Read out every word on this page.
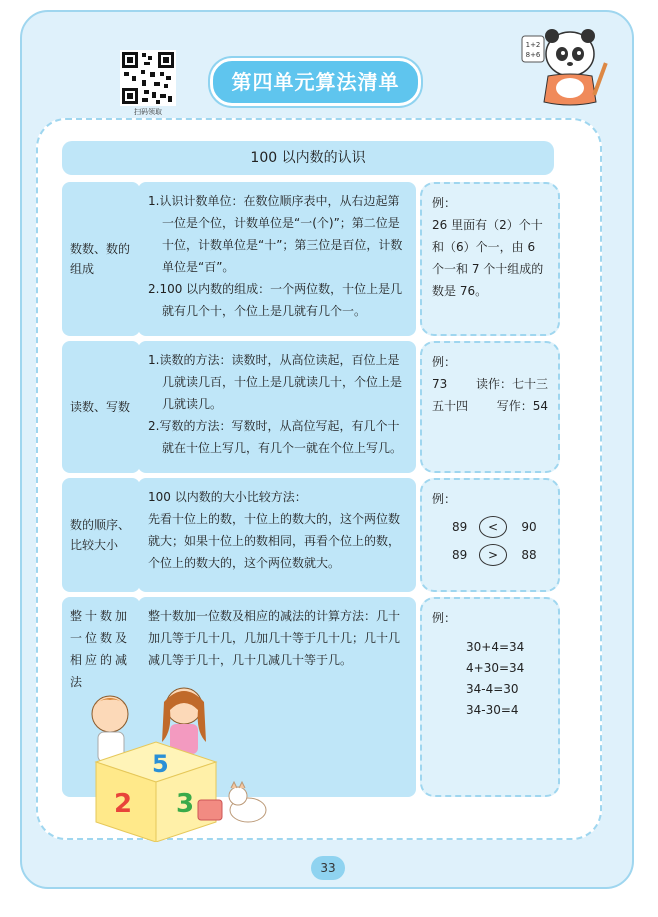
扫码领取
第四单元算法清单
1+2
8+6
100 以内数的认识
数数、数的组成

1.认识计数单位：在数位顺序表中，从右边起第一位是个位，计数单位是“一(个)”；第二位是十位，计数单位是“十”；第三位是百位，计数单位是“百”。

2.100 以内数的组成：一个两位数，十位上是几就有几个十，个位上是几就有几个一。

例：

26 里面有（2）个十和（6）个一，由 6 个一和 7 个十组成的数是 76。

读数、写数

1.读数的方法：读数时，从高位读起，百位上是几就读几百，十位上是几就读几十，个位上是几就读几。

2.写数的方法：写数时，从高位写起，有几个十就在十位上写几，有几个一就在个位上写几。

例：

73 读作：七十三

五十四 写作：54

数的顺序、比较大小

100 以内数的大小比较方法：

先看十位上的数，十位上的数大的，这个两位数就大；如果十位上的数相同，再看个位上的数，个位上的数大的，这个两位数就大。

例：

89	<	90
89	>	88
整十数加一位数及相应的减法

整十数加一位数及相应的减法的计算方法：几十加几等于几十几，几加几十等于几十几；几十几减几等于几十，几十几减几十等于几。

例：

30+4=34

4+30=34

34-4=30

34-30=4

5
2 3
33
